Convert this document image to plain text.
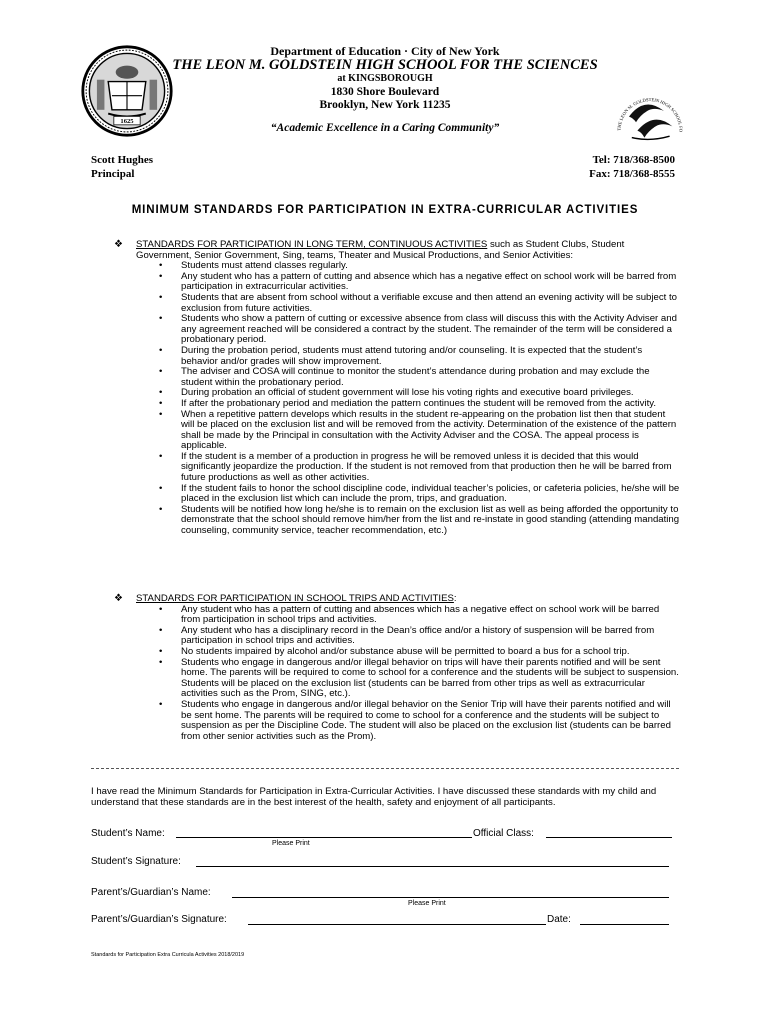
1625
THE LEON M. GOLDSTEIN HIGH SCHOOL FO
Department of Education · City of New York
THE LEON M. GOLDSTEIN HIGH SCHOOL FOR THE SCIENCES
at KINGSBOROUGH
1830 Shore Boulevard
Brooklyn, New York 11235
“Academic Excellence in a Caring Community”
Scott Hughes
Principal
Tel: 718/368-8500
Fax: 718/368-8555
MINIMUM STANDARDS FOR PARTICIPATION IN EXTRA-CURRICULAR ACTIVITIES
❖ STANDARDS FOR PARTICIPATION IN LONG TERM, CONTINUOUS ACTIVITIES such as Student Clubs, Student Government, Senior Government, Sing, teams, Theater and Musical Productions, and Senior Activities:
• Students must attend classes regularly.
• Any student who has a pattern of cutting and absence which has a negative effect on school work will be barred from participation in extracurricular activities.
• Students that are absent from school without a verifiable excuse and then attend an evening activity will be subject to exclusion from future activities.
• Students who show a pattern of cutting or excessive absence from class will discuss this with the Activity Adviser and any agreement reached will be considered a contract by the student. The remainder of the term will be considered a probationary period.
• During the probation period, students must attend tutoring and/or counseling. It is expected that the student’s behavior and/or grades will show improvement.
• The adviser and COSA will continue to monitor the student’s attendance during probation and may exclude the student within the probationary period.
• During probation an official of student government will lose his voting rights and executive board privileges.
• If after the probationary period and mediation the pattern continues the student will be removed from the activity.
• When a repetitive pattern develops which results in the student re-appearing on the probation list then that student will be placed on the exclusion list and will be removed from the activity. Determination of the existence of the pattern shall be made by the Principal in consultation with the Activity Adviser and the COSA. The appeal process is applicable.
• If the student is a member of a production in progress he will be removed unless it is decided that this would significantly jeopardize the production. If the student is not removed from that production then he will be barred from future productions as well as other activities.
• If the student fails to honor the school discipline code, individual teacher’s policies, or cafeteria policies, he/she will be placed in the exclusion list which can include the prom, trips, and graduation.
• Students will be notified how long he/she is to remain on the exclusion list as well as being afforded the opportunity to demonstrate that the school should remove him/her from the list and re-instate in good standing (attending mandating counseling, community service, teacher recommendation, etc.)
❖ STANDARDS FOR PARTICIPATION IN SCHOOL TRIPS AND ACTIVITIES:
• Any student who has a pattern of cutting and absences which has a negative effect on school work will be barred from participation in school trips and activities.
• Any student who has a disciplinary record in the Dean’s office and/or a history of suspension will be barred from participation in school trips and activities.
• No students impaired by alcohol and/or substance abuse will be permitted to board a bus for a school trip.
• Students who engage in dangerous and/or illegal behavior on trips will have their parents notified and will be sent home. The parents will be required to come to school for a conference and the students will be subject to suspension. Students will be placed on the exclusion list (students can be barred from other trips as well as extracurricular activities such as the Prom, SING, etc.).
• Students who engage in dangerous and/or illegal behavior on the Senior Trip will have their parents notified and will be sent home. The parents will be required to come to school for a conference and the students will be subject to suspension as per the Discipline Code. The student will also be placed on the exclusion list (students can be barred from other senior activities such as the Prom).
I have read the Minimum Standards for Participation in Extra-Curricular Activities. I have discussed these standards with my child and understand that these standards are in the best interest of the health, safety and enjoyment of all participants.
Student’s Name:	Official Class:
Please Print
Student’s Signature:
Parent’s/Guardian’s Name:
Please Print
Parent’s/Guardian’s Signature:	Date:
Standards for Participation Extra Curricula Activities 2018/2019
